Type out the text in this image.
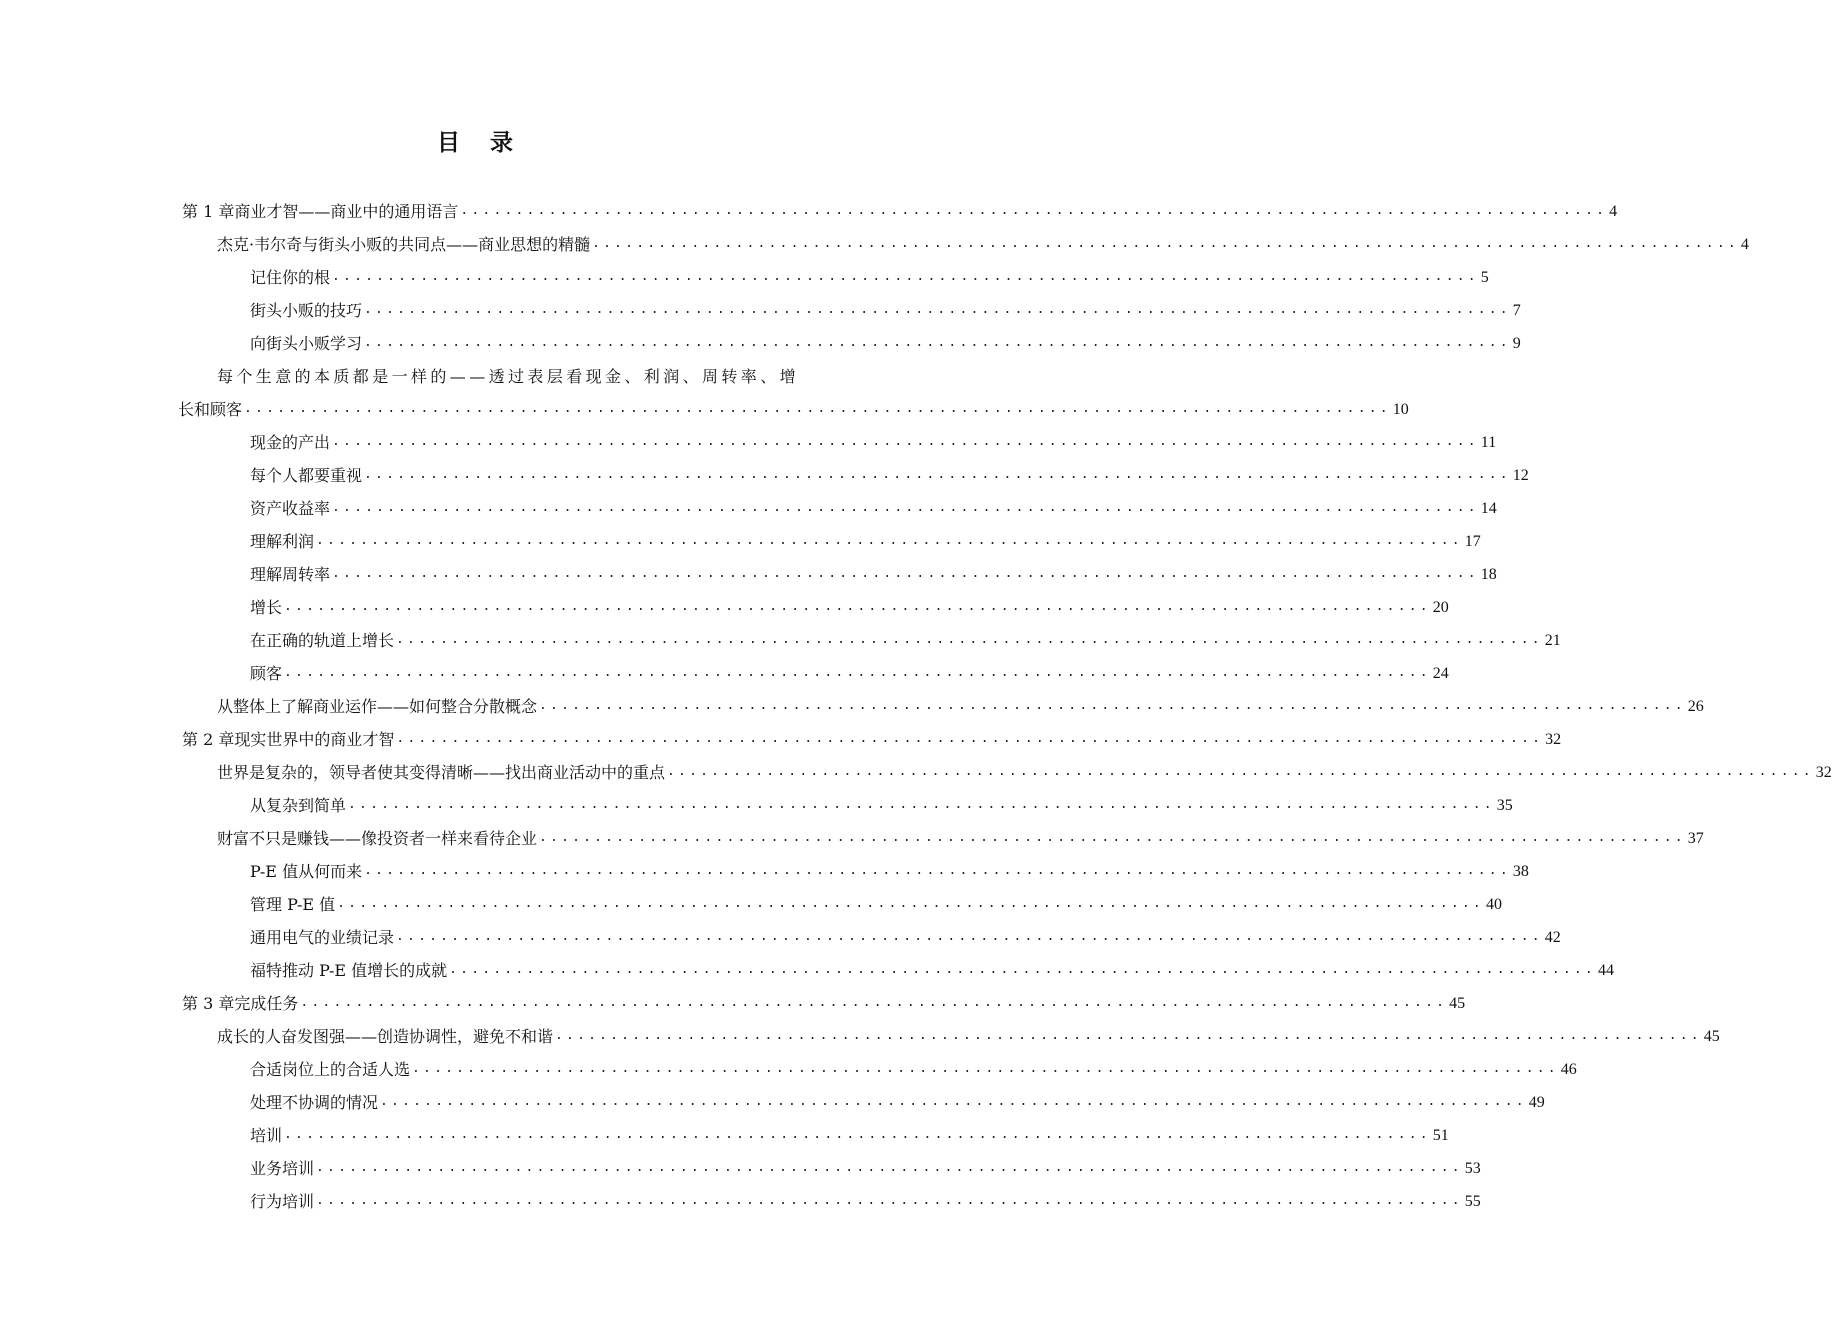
目 录
第 1 章商业才智——商业中的通用语言 ........................................................................................................ 4
杰克·韦尔奇与街头小贩的共同点——商业思想的精髓 ........................................................................................................ 4
记住你的根 ........................................................................................................ 5
街头小贩的技巧 ........................................................................................................ 7
向街头小贩学习 ........................................................................................................ 9
每个生意的本质都是一样的——透过表层看现金、利润、周转率、增
长和顾客 ........................................................................................................ 10
现金的产出 ........................................................................................................ 11
每个人都要重视 ........................................................................................................ 12
资产收益率 ........................................................................................................ 14
理解利润 ........................................................................................................ 17
理解周转率 ........................................................................................................ 18
增长 ........................................................................................................ 20
在正确的轨道上增长 ........................................................................................................ 21
顾客 ........................................................................................................ 24
从整体上了解商业运作——如何整合分散概念 ........................................................................................................ 26
第 2 章现实世界中的商业才智 ........................................................................................................ 32
世界是复杂的，领导者使其变得清晰——找出商业活动中的重点 ........................................................................................................ 32
从复杂到简单 ........................................................................................................ 35
财富不只是赚钱——像投资者一样来看待企业 ........................................................................................................ 37
P-E 值从何而来 ........................................................................................................ 38
管理 P-E 值 ........................................................................................................ 40
通用电气的业绩记录 ........................................................................................................ 42
福特推动 P-E 值增长的成就 ........................................................................................................ 44
第 3 章完成任务 ........................................................................................................ 45
成长的人奋发图强——创造协调性，避免不和谐 ........................................................................................................ 45
合适岗位上的合适人选 ........................................................................................................ 46
处理不协调的情况 ........................................................................................................ 49
培训 ........................................................................................................ 51
业务培训 ........................................................................................................ 53
行为培训 ........................................................................................................ 55
